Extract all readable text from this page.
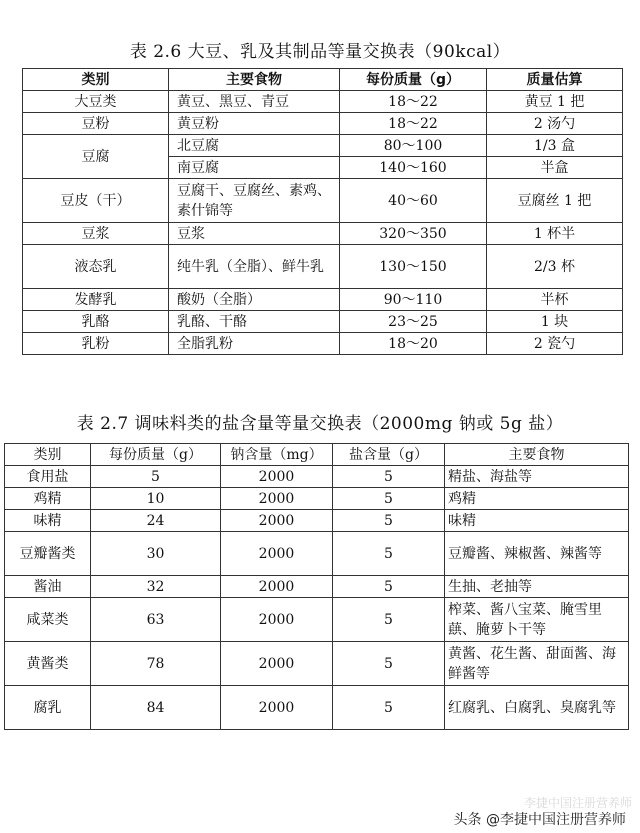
表 2.6 大豆、乳及其制品等量交换表（90kcal）
类别	主要食物	每份质量（g）	质量估算
大豆类	黄豆、黑豆、青豆	18～22	黄豆 1 把
豆粉	黄豆粉	18～22	2 汤勺
豆腐	北豆腐	80～100	1/3 盒
	南豆腐	140～160	半盒
豆皮（干）	豆腐干、豆腐丝、素鸡、素什锦等	40～60	豆腐丝 1 把
豆浆	豆浆	320～350	1 杯半
液态乳	纯牛乳（全脂）、鲜牛乳	130～150	2/3 杯
发酵乳	酸奶（全脂）	90～110	半杯
乳酪	乳酪、干酪	23～25	1 块
乳粉	全脂乳粉	18～20	2 瓷勺
表 2.7 调味料类的盐含量等量交换表（2000mg 钠或 5g 盐）
类别	每份质量（g）	钠含量（mg）	盐含量（g）	主要食物
食用盐	5	2000	5	精盐、海盐等
鸡精	10	2000	5	鸡精
味精	24	2000	5	味精
豆瓣酱类	30	2000	5	豆瓣酱、辣椒酱、辣酱等
酱油	32	2000	5	生抽、老抽等
咸菜类	63	2000	5	榨菜、酱八宝菜、腌雪里蕻、腌萝卜干等
黄酱类	78	2000	5	黄酱、花生酱、甜面酱、海鲜酱等
腐乳	84	2000	5	红腐乳、白腐乳、臭腐乳等
李捷中国注册营养师
头条 @李捷中国注册营养师
